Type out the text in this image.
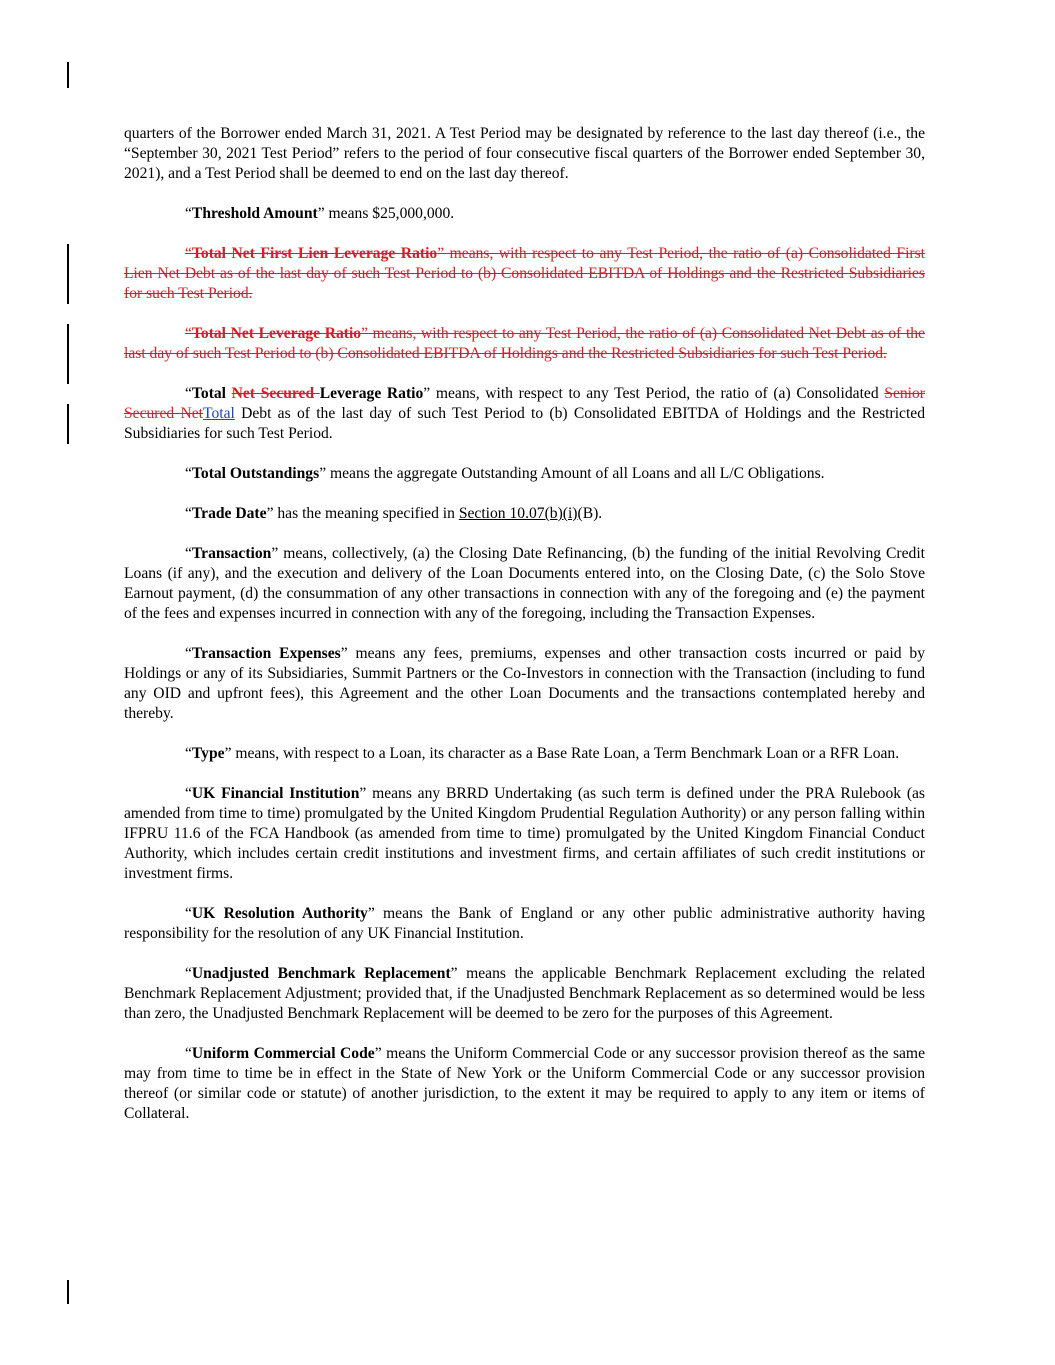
quarters of the Borrower ended March 31, 2021. A Test Period may be designated by reference to the last day thereof (i.e., the “September 30, 2021 Test Period” refers to the period of four consecutive fiscal quarters of the Borrower ended September 30, 2021), and a Test Period shall be deemed to end on the last day thereof.

“Threshold Amount” means $25,000,000.

“Total Net First Lien Leverage Ratio” means, with respect to any Test Period, the ratio of (a) Consolidated First Lien Net Debt as of the last day of such Test Period to (b) Consolidated EBITDA of Holdings and the Restricted Subsidiaries for such Test Period.

“Total Net Leverage Ratio” means, with respect to any Test Period, the ratio of (a) Consolidated Net Debt as of the last day of such Test Period to (b) Consolidated EBITDA of Holdings and the Restricted Subsidiaries for such Test Period.

“Total Net Secured Leverage Ratio” means, with respect to any Test Period, the ratio of (a) Consolidated Senior Secured NetTotal Debt as of the last day of such Test Period to (b) Consolidated EBITDA of Holdings and the Restricted Subsidiaries for such Test Period.

“Total Outstandings” means the aggregate Outstanding Amount of all Loans and all L/C Obligations.

“Trade Date” has the meaning specified in Section 10.07(b)(i)(B).

“Transaction” means, collectively, (a) the Closing Date Refinancing, (b) the funding of the initial Revolving Credit Loans (if any), and the execution and delivery of the Loan Documents entered into, on the Closing Date, (c) the Solo Stove Earnout payment, (d) the consummation of any other transactions in connection with any of the foregoing and (e) the payment of the fees and expenses incurred in connection with any of the foregoing, including the Transaction Expenses.

“Transaction Expenses” means any fees, premiums, expenses and other transaction costs incurred or paid by Holdings or any of its Subsidiaries, Summit Partners or the Co-Investors in connection with the Transaction (including to fund any OID and upfront fees), this Agreement and the other Loan Documents and the transactions contemplated hereby and thereby.

“Type” means, with respect to a Loan, its character as a Base Rate Loan, a Term Benchmark Loan or a RFR Loan.

“UK Financial Institution” means any BRRD Undertaking (as such term is defined under the PRA Rulebook (as amended from time to time) promulgated by the United Kingdom Prudential Regulation Authority) or any person falling within IFPRU 11.6 of the FCA Handbook (as amended from time to time) promulgated by the United Kingdom Financial Conduct Authority, which includes certain credit institutions and investment firms, and certain affiliates of such credit institutions or investment firms.

“UK Resolution Authority” means the Bank of England or any other public administrative authority having responsibility for the resolution of any UK Financial Institution.

“Unadjusted Benchmark Replacement” means the applicable Benchmark Replacement excluding the related Benchmark Replacement Adjustment; provided that, if the Unadjusted Benchmark Replacement as so determined would be less than zero, the Unadjusted Benchmark Replacement will be deemed to be zero for the purposes of this Agreement.

“Uniform Commercial Code” means the Uniform Commercial Code or any successor provision thereof as the same may from time to time be in effect in the State of New York or the Uniform Commercial Code or any successor provision thereof (or similar code or statute) of another jurisdiction, to the extent it may be required to apply to any item or items of Collateral.
